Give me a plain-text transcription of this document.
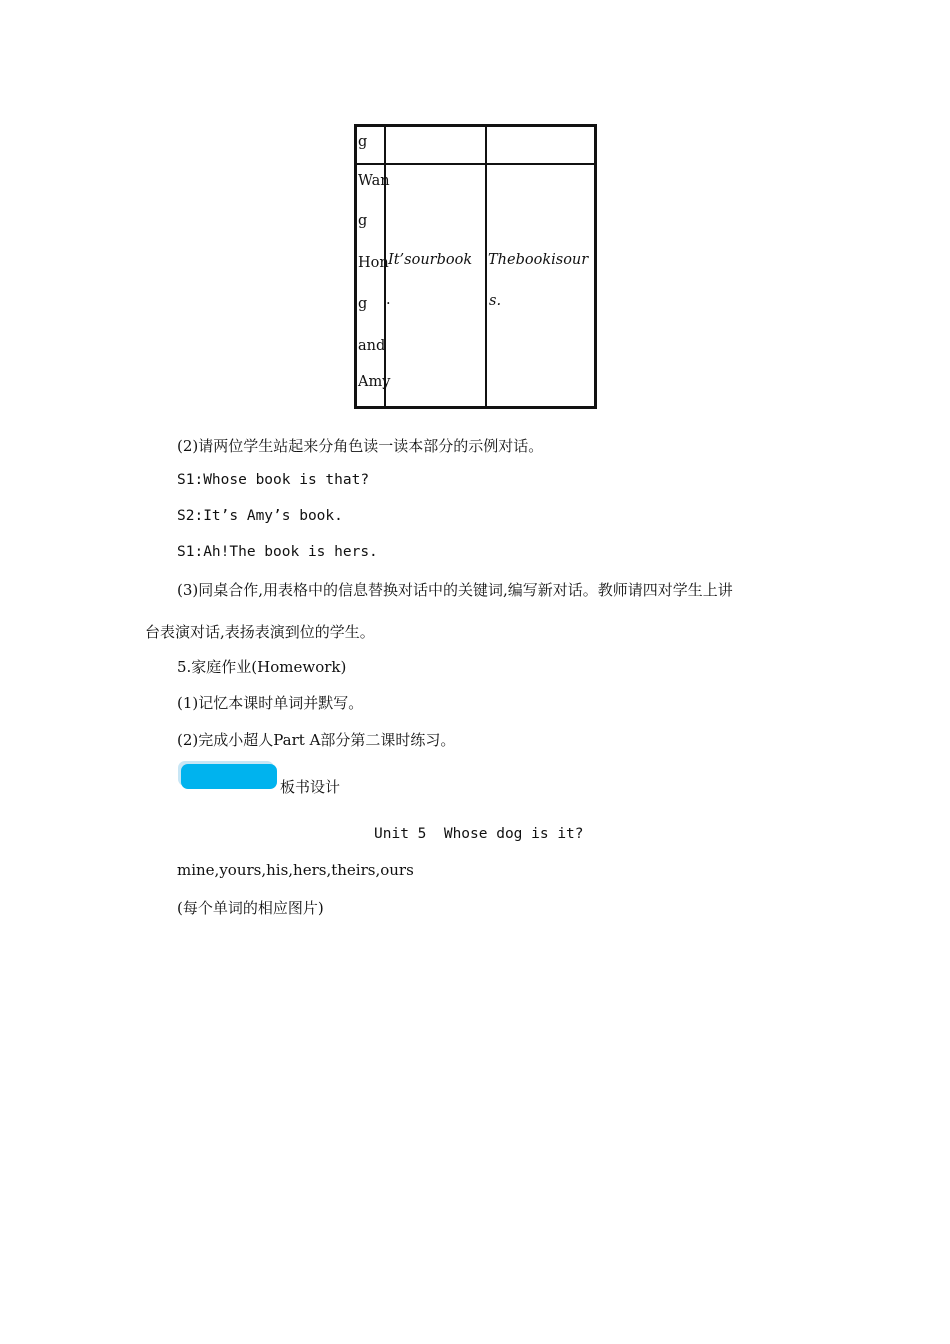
g
Wan
g
Hon
g
and
Amy
It’sourbook
.
Thebookisour
s.
(2)请两位学生站起来分角色读一读本部分的示例对话。
S1:Whose book is that?
S2:It’s Amy’s book.
S1:Ah!The book is hers.
(3)同桌合作,用表格中的信息替换对话中的关键词,编写新对话。教师请四对学生上讲
台表演对话,表扬表演到位的学生。
5.家庭作业(Homework)
(1)记忆本课时单词并默写。
(2)完成小超人Part A部分第二课时练习。
板书设计
Unit 5  Whose dog is it?
mine,yours,his,hers,theirs,ours
(每个单词的相应图片)
